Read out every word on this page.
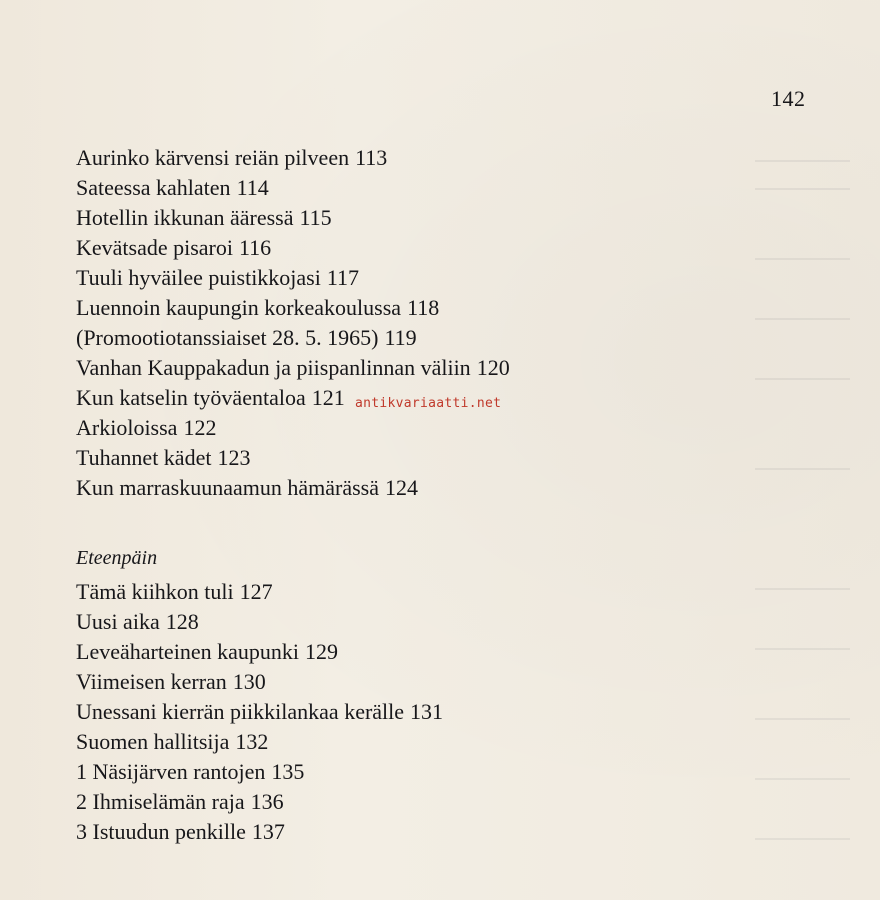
142
Aurinko kärvensi reiän pilveen 113
Sateessa kahlaten 114
Hotellin ikkunan ääressä 115
Kevätsade pisaroi 116
Tuuli hyväilee puistikkojasi 117
Luennoin kaupungin korkeakoulussa 118
(Promootiotanssiaiset 28. 5. 1965) 119
Vanhan Kauppakadun ja piispanlinnan väliin 120
Kun katselin työväentaloa 121
Arkioloissa 122
Tuhannet kädet 123
Kun marraskuunaamun hämärässä 124
Eteenpäin
Tämä kiihkon tuli 127
Uusi aika 128
Leveäharteinen kaupunki 129
Viimeisen kerran 130
Unessani kierrän piikkilankaa kerälle 131
Suomen hallitsija 132
1 Näsijärven rantojen 135
2 Ihmiselämän raja 136
3 Istuudun penkille 137
antikvariaatti.net
